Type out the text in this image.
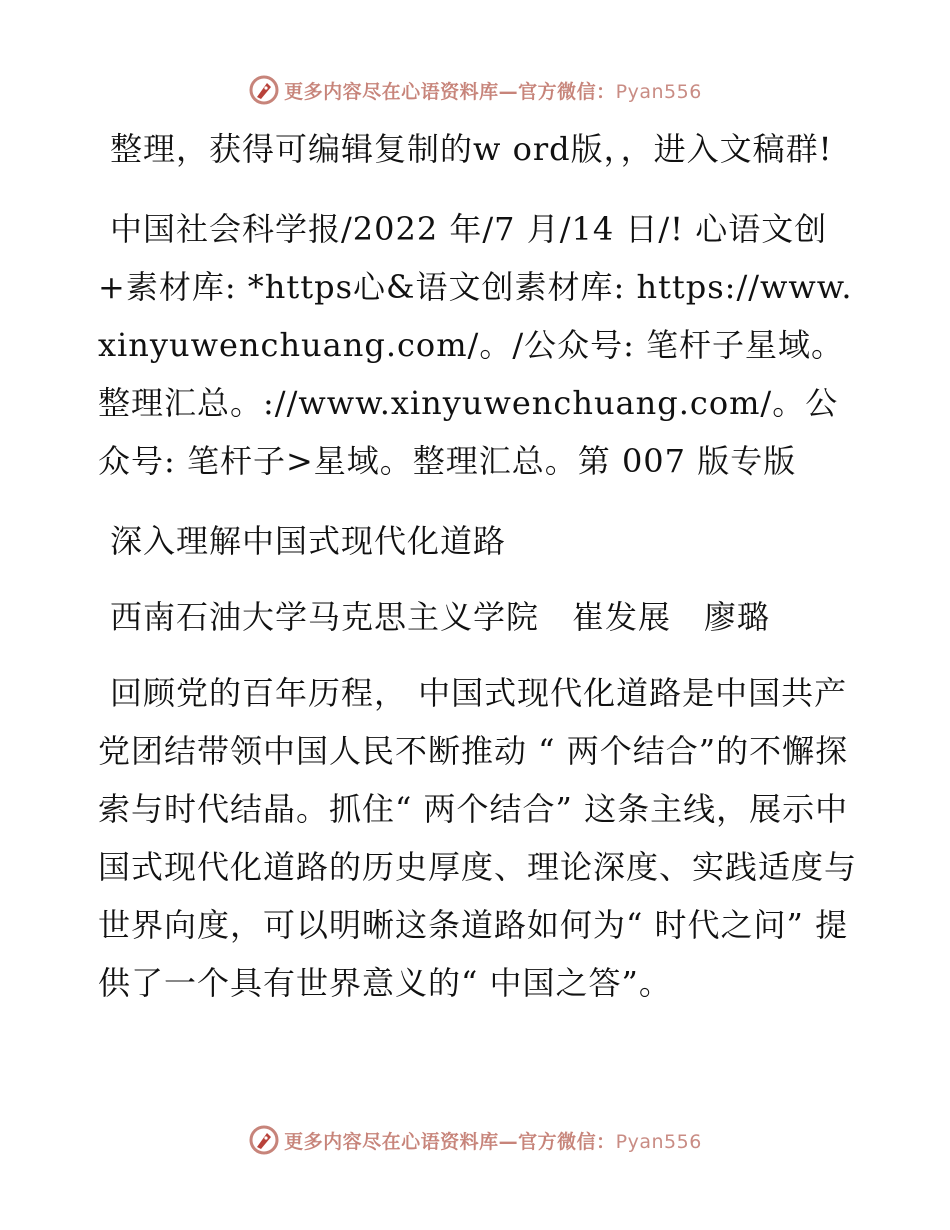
更多内容尽在心语资料库—官方微信：Pyan556

整理，获得可编辑复制的w ord版，，进入文稿群!

中国社会科学报/2022 年/7 月/14 日/! 心语文创+素材库: *https心&语文创素材库: https://www.xinyuwenchuang.com/。/公众号: 笔杆子星域。整理汇总。://www.xinyuwenchuang.com/。公众号: 笔杆子>星域。整理汇总。第 007 版专版

深入理解中国式现代化道路

西南石油大学马克思主义学院　崔发展　廖璐

回顾党的百年历程， 中国式现代化道路是中国共产党团结带领中国人民不断推动 “ 两个结合”的不懈探索与时代结晶。抓住“ 两个结合” 这条主线，展示中国式现代化道路的历史厚度、理论深度、实践适度与世界向度，可以明晰这条道路如何为“ 时代之问” 提供了一个具有世界意义的“ 中国之答”。

更多内容尽在心语资料库—官方微信：Pyan556
